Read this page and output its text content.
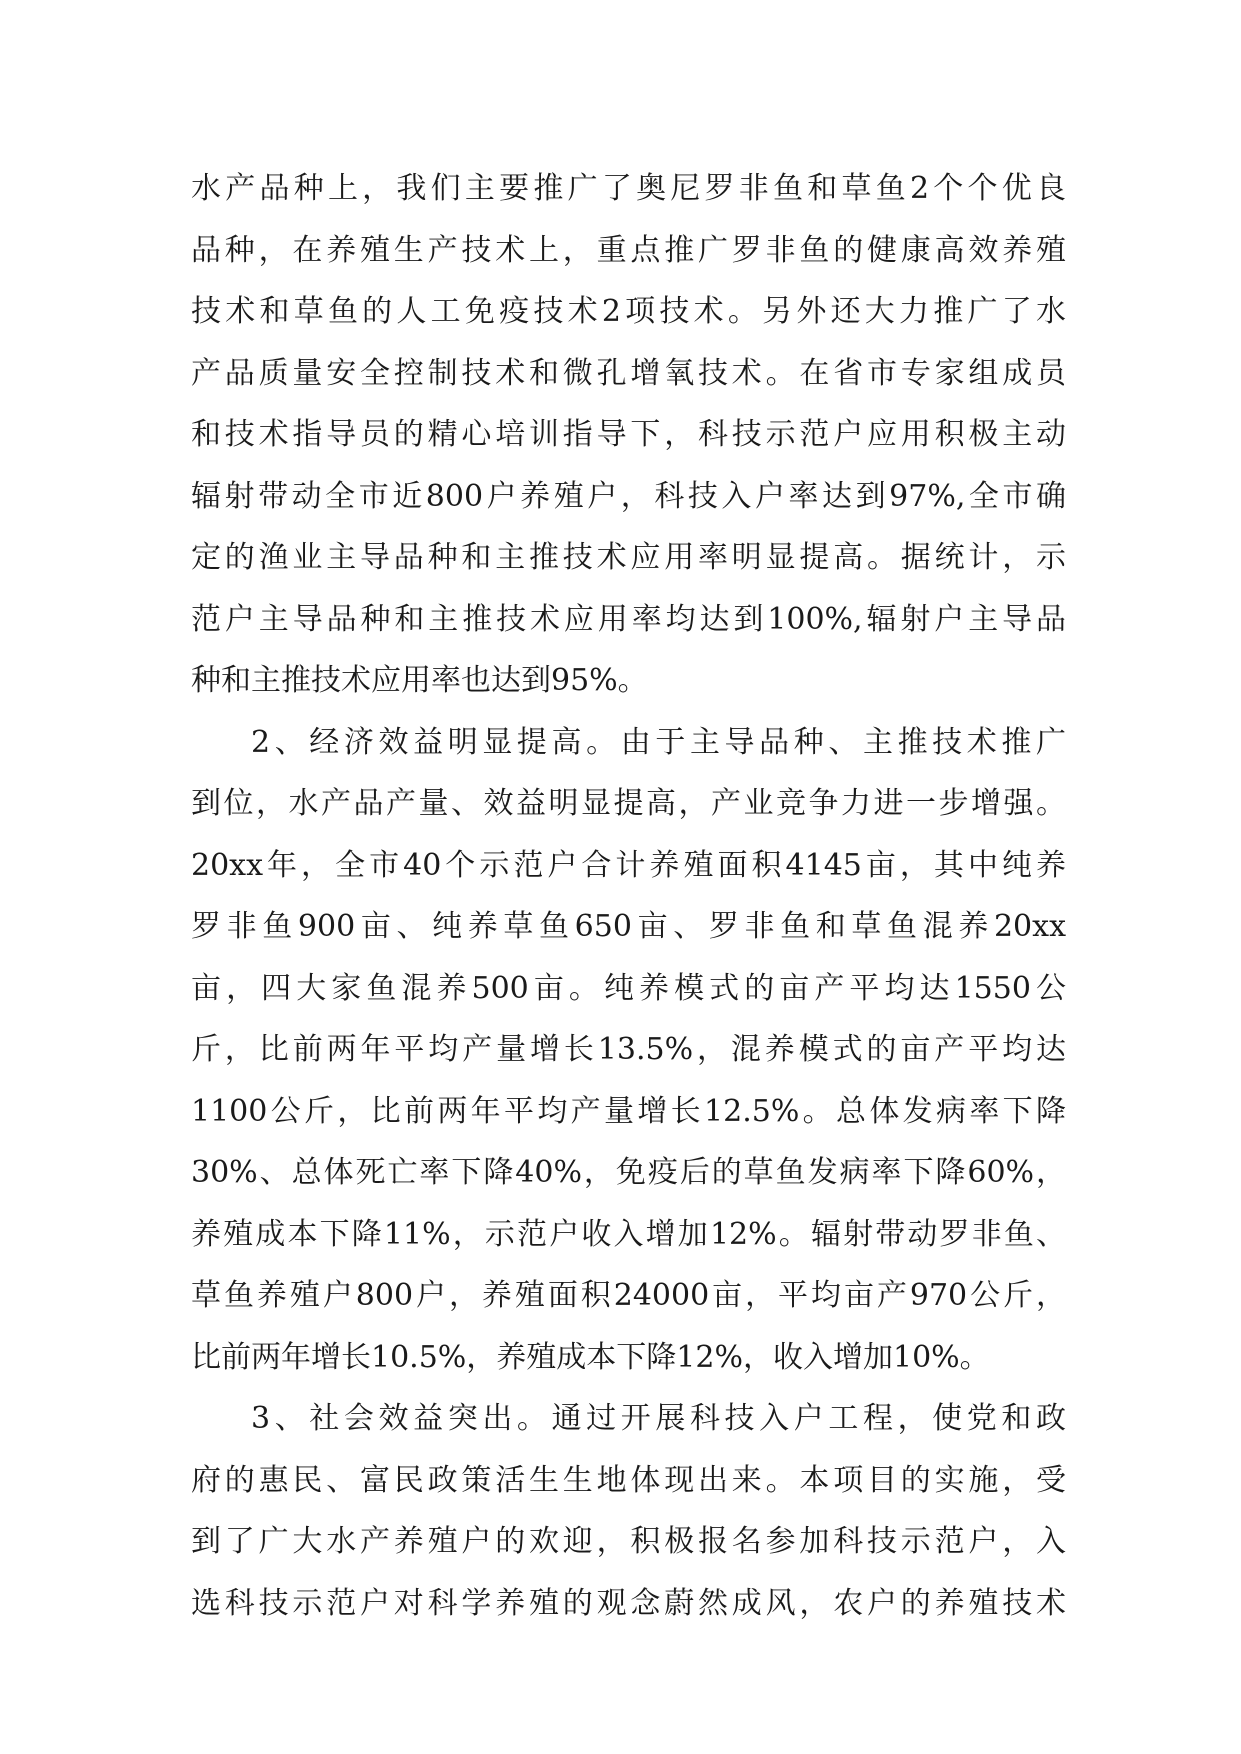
水产品种上，我们主要推广了奥尼罗非鱼和草鱼2个个优良
品种，在养殖生产技术上，重点推广罗非鱼的健康高效养殖
技术和草鱼的人工免疫技术2项技术。另外还大力推广了水
产品质量安全控制技术和微孔增氧技术。在省市专家组成员
和技术指导员的精心培训指导下，科技示范户应用积极主动
辐射带动全市近800户养殖户，科技入户率达到97%,全市确
定的渔业主导品种和主推技术应用率明显提高。据统计，示
范户主导品种和主推技术应用率均达到100%,辐射户主导品
种和主推技术应用率也达到95%。
2、经济效益明显提高。由于主导品种、主推技术推广
到位，水产品产量、效益明显提高，产业竞争力进一步增强。
20xx年，全市40个示范户合计养殖面积4145亩，其中纯养
罗非鱼900亩、纯养草鱼650亩、罗非鱼和草鱼混养20xx
亩，四大家鱼混养500亩。纯养模式的亩产平均达1550公
斤，比前两年平均产量增长13.5%，混养模式的亩产平均达
1100公斤，比前两年平均产量增长12.5%。总体发病率下降
30%、总体死亡率下降40%，免疫后的草鱼发病率下降60%，
养殖成本下降11%，示范户收入增加12%。辐射带动罗非鱼、
草鱼养殖户800户，养殖面积24000亩，平均亩产970公斤，
比前两年增长10.5%，养殖成本下降12%，收入增加10%。
3、社会效益突出。通过开展科技入户工程，使党和政
府的惠民、富民政策活生生地体现出来。本项目的实施，受
到了广大水产养殖户的欢迎，积极报名参加科技示范户，入
选科技示范户对科学养殖的观念蔚然成风，农户的养殖技术
